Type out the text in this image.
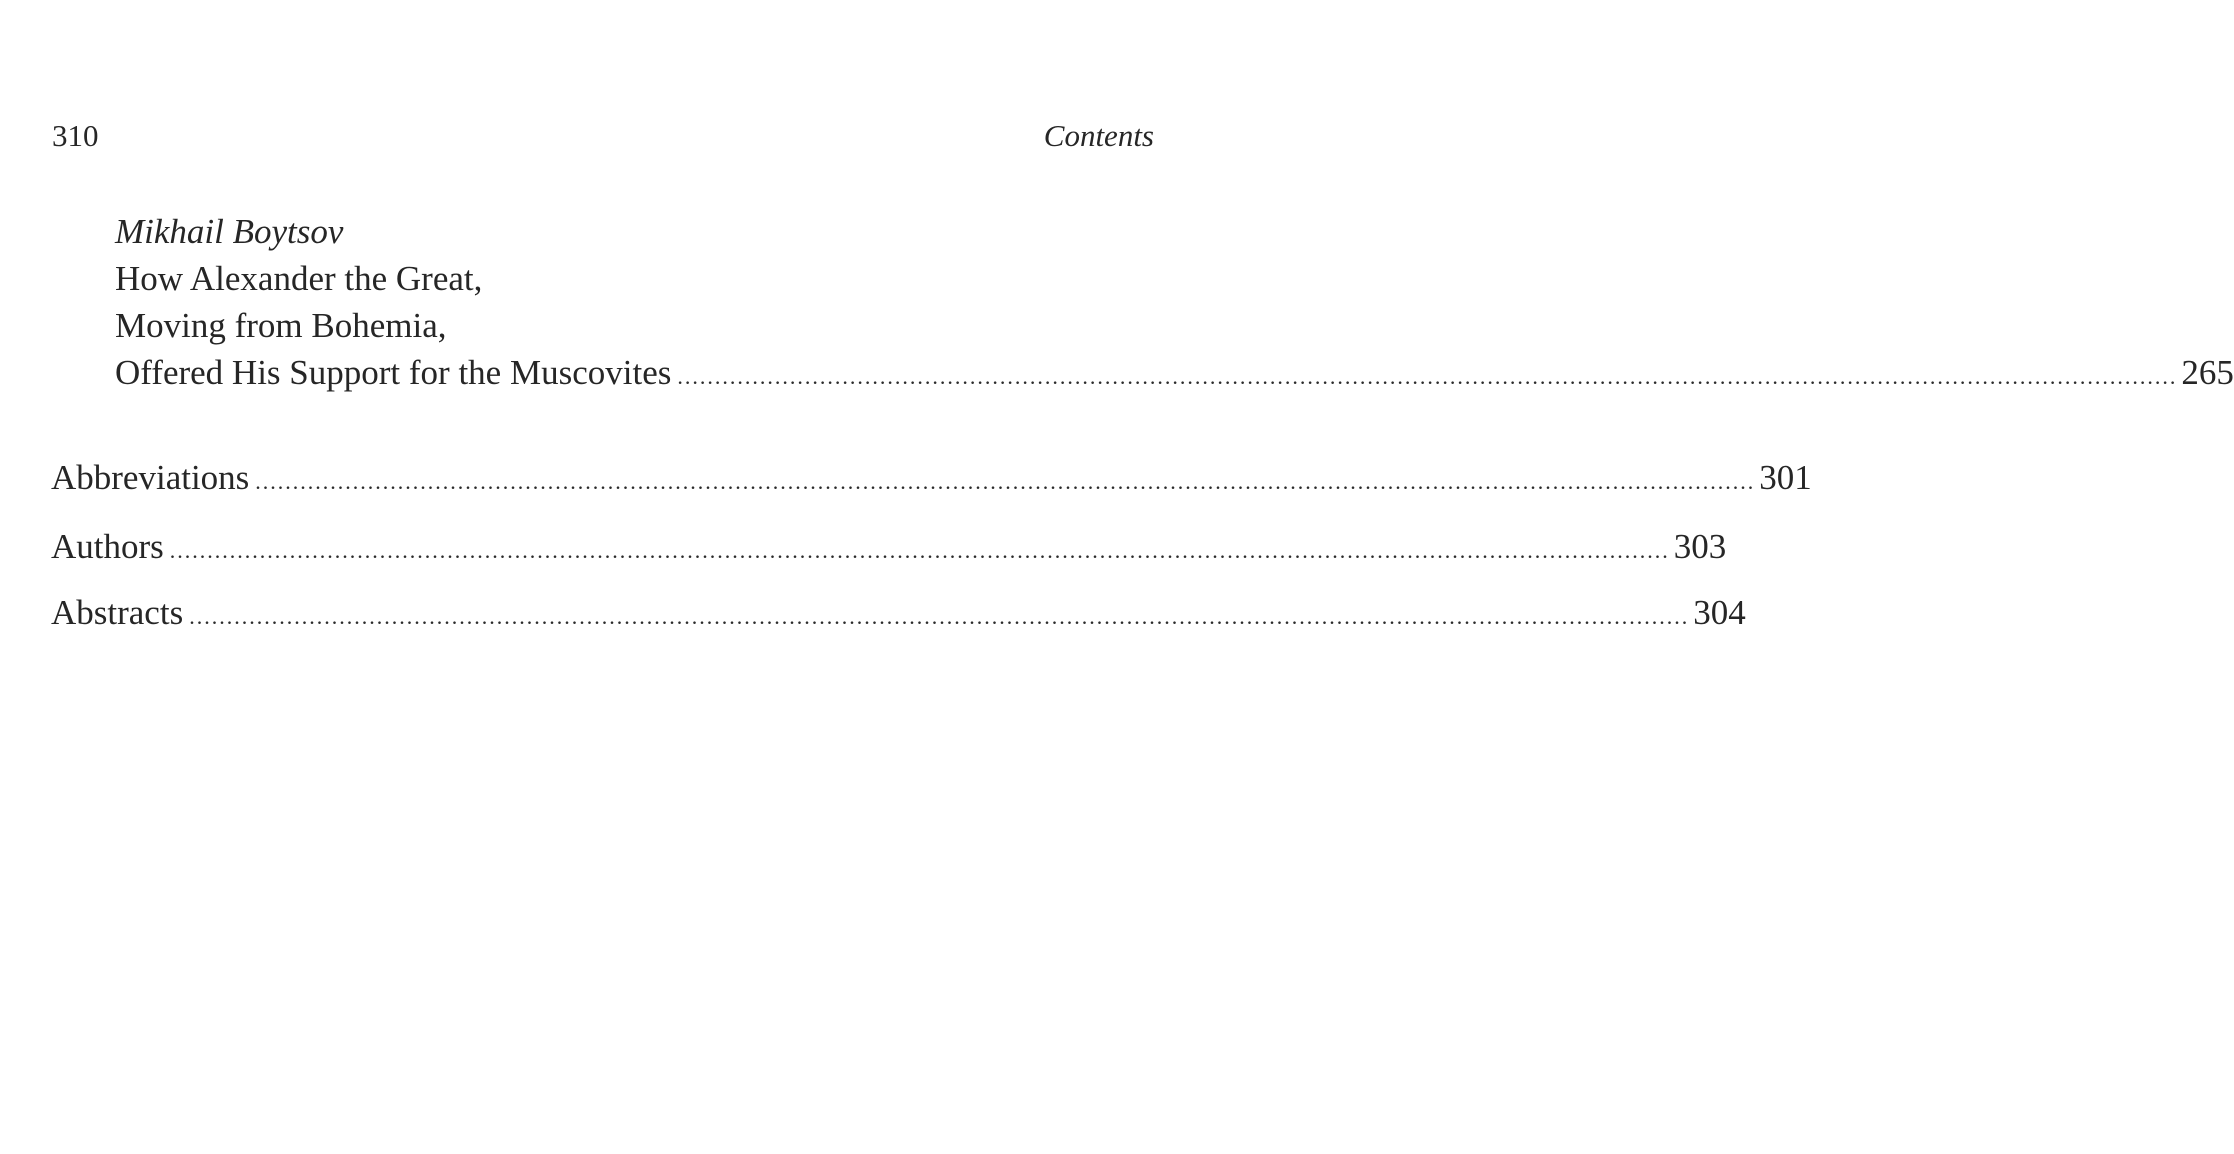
310	Contents
Mikhail Boytsov
How Alexander the Great,
Moving from Bohemia,
Offered His Support for the Muscovites ........................................................................................................................................................................................................ 265
Abbreviations ........................................................................................................................................................................................................ 301
Authors ........................................................................................................................................................................................................ 303
Abstracts ........................................................................................................................................................................................................ 304
